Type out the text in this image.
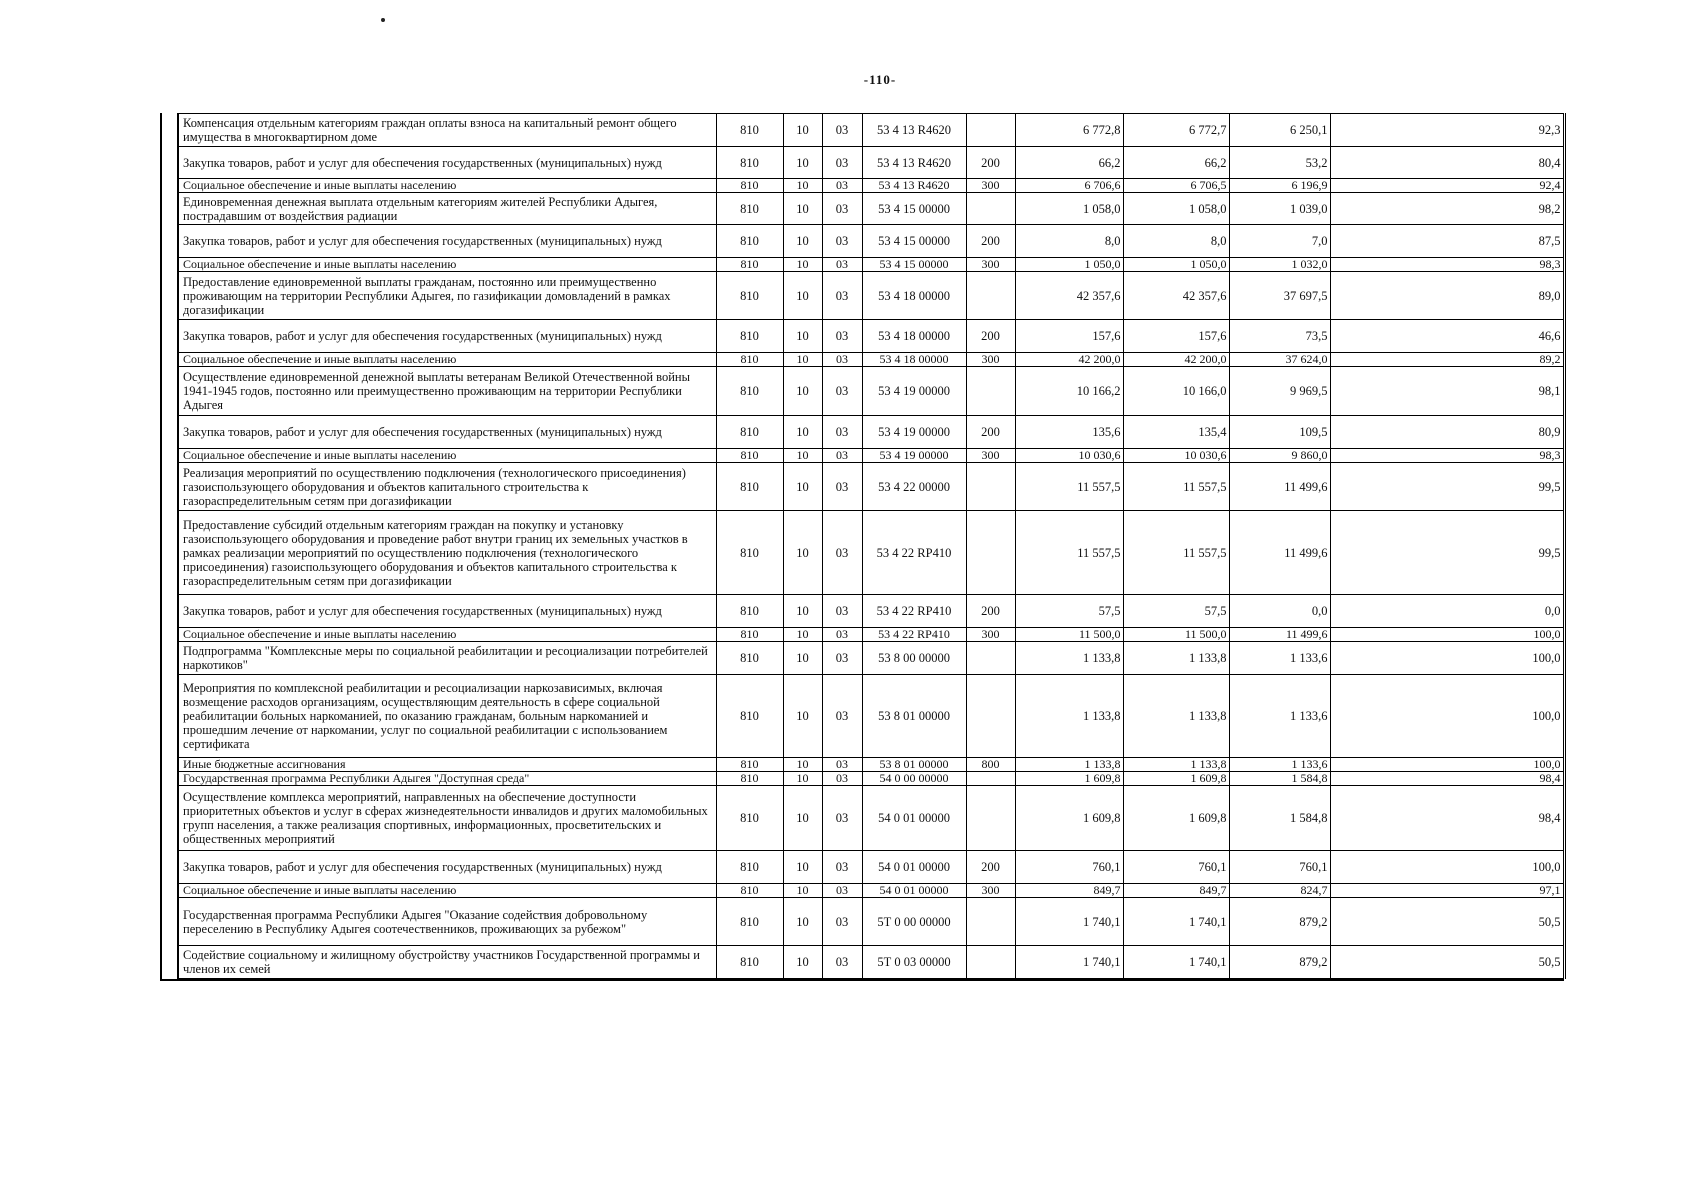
-110-
	Компенсация отдельным категориям граждан оплаты взноса на капитальный ремонт общего имущества в многоквартирном доме	810	10	03	53 4 13 R4620		6 772,8	6 772,7	6 250,1	92,3
	Закупка товаров, работ и услуг для обеспечения государственных (муниципальных) нужд	810	10	03	53 4 13 R4620	200	66,2	66,2	53,2	80,4
	Социальное обеспечение и иные выплаты населению	810	10	03	53 4 13 R4620	300	6 706,6	6 706,5	6 196,9	92,4
	Единовременная денежная выплата отдельным категориям жителей Республики Адыгея, пострадавшим от воздействия радиации	810	10	03	53 4 15 00000		1 058,0	1 058,0	1 039,0	98,2
	Закупка товаров, работ и услуг для обеспечения государственных (муниципальных) нужд	810	10	03	53 4 15 00000	200	8,0	8,0	7,0	87,5
	Социальное обеспечение и иные выплаты населению	810	10	03	53 4 15 00000	300	1 050,0	1 050,0	1 032,0	98,3
	Предоставление единовременной выплаты гражданам, постоянно или преимущественно проживающим на территории Республики Адыгея, по газификации домовладений в рамках догазификации	810	10	03	53 4 18 00000		42 357,6	42 357,6	37 697,5	89,0
	Закупка товаров, работ и услуг для обеспечения государственных (муниципальных) нужд	810	10	03	53 4 18 00000	200	157,6	157,6	73,5	46,6
	Социальное обеспечение и иные выплаты населению	810	10	03	53 4 18 00000	300	42 200,0	42 200,0	37 624,0	89,2
	Осуществление единовременной денежной выплаты ветеранам Великой Отечественной войны 1941-1945 годов, постоянно или преимущественно проживающим на территории Республики Адыгея	810	10	03	53 4 19 00000		10 166,2	10 166,0	9 969,5	98,1
	Закупка товаров, работ и услуг для обеспечения государственных (муниципальных) нужд	810	10	03	53 4 19 00000	200	135,6	135,4	109,5	80,9
	Социальное обеспечение и иные выплаты населению	810	10	03	53 4 19 00000	300	10 030,6	10 030,6	9 860,0	98,3
	Реализация мероприятий по осуществлению подключения (технологического присоединения) газоиспользующего оборудования и объектов капитального строительства к газораспределительным сетям при догазификации	810	10	03	53 4 22 00000		11 557,5	11 557,5	11 499,6	99,5
	Предоставление субсидий отдельным категориям граждан на покупку и установку газоиспользующего оборудования и проведение работ внутри границ их земельных участков в рамках реализации мероприятий по осуществлению подключения (технологического присоединения) газоиспользующего оборудования и объектов капитального строительства к газораспределительным сетям при догазификации	810	10	03	53 4 22 RP410		11 557,5	11 557,5	11 499,6	99,5
	Закупка товаров, работ и услуг для обеспечения государственных (муниципальных) нужд	810	10	03	53 4 22 RP410	200	57,5	57,5	0,0	0,0
	Социальное обеспечение и иные выплаты населению	810	10	03	53 4 22 RP410	300	11 500,0	11 500,0	11 499,6	100,0
	Подпрограмма "Комплексные меры по социальной реабилитации и ресоциализации потребителей наркотиков"	810	10	03	53 8 00 00000		1 133,8	1 133,8	1 133,6	100,0
	Мероприятия по комплексной реабилитации и ресоциализации наркозависимых, включая возмещение расходов организациям, осуществляющим деятельность в сфере социальной реабилитации больных наркоманией, по оказанию гражданам, больным наркоманией и прошедшим лечение от наркомании, услуг по социальной реабилитации с использованием сертификата	810	10	03	53 8 01 00000		1 133,8	1 133,8	1 133,6	100,0
	Иные бюджетные ассигнования	810	10	03	53 8 01 00000	800	1 133,8	1 133,8	1 133,6	100,0
	Государственная программа Республики Адыгея "Доступная среда"	810	10	03	54 0 00 00000		1 609,8	1 609,8	1 584,8	98,4
	Осуществление комплекса мероприятий, направленных на обеспечение доступности приоритетных объектов и услуг в сферах жизнедеятельности инвалидов и других маломобильных групп населения, а также реализация спортивных, информационных, просветительских и общественных мероприятий	810	10	03	54 0 01 00000		1 609,8	1 609,8	1 584,8	98,4
	Закупка товаров, работ и услуг для обеспечения государственных (муниципальных) нужд	810	10	03	54 0 01 00000	200	760,1	760,1	760,1	100,0
	Социальное обеспечение и иные выплаты населению	810	10	03	54 0 01 00000	300	849,7	849,7	824,7	97,1
	Государственная программа Республики Адыгея "Оказание содействия добровольному переселению в Республику Адыгея соотечественников, проживающих за рубежом"	810	10	03	5Т 0 00 00000		1 740,1	1 740,1	879,2	50,5
	Содействие социальному и жилищному обустройству участников Государственной программы и членов их семей	810	10	03	5Т 0 03 00000		1 740,1	1 740,1	879,2	50,5
